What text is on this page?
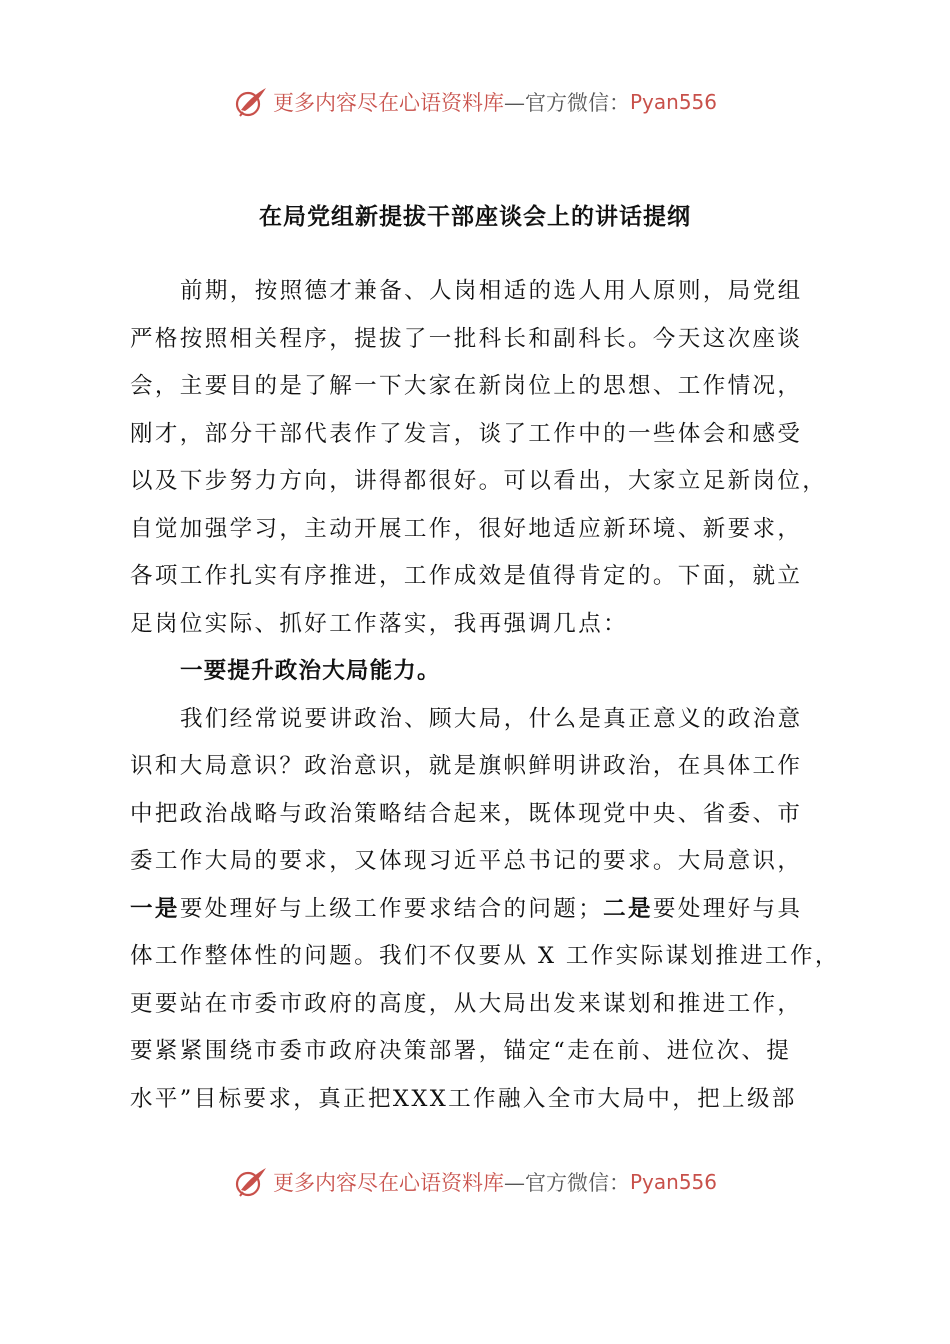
更多内容尽在心语资料库 —官方微信： Pyan556
在局党组新提拔干部座谈会上的讲话提纲
前期，按照德才兼备、人岗相适的选人用人原则，局党组
严格按照相关程序，提拔了一批科长和副科长。今天这次座谈
会，主要目的是了解一下大家在新岗位上的思想、工作情况，
刚才，部分干部代表作了发言，谈了工作中的一些体会和感受
以及下步努力方向，讲得都很好。可以看出，大家立足新岗位，
自觉加强学习，主动开展工作，很好地适应新环境、新要求，
各项工作扎实有序推进，工作成效是值得肯定的。下面，就立
足岗位实际、抓好工作落实，我再强调几点：
一要提升政治大局能力。
我们经常说要讲政治、顾大局，什么是真正意义的政治意
识和大局意识？政治意识，就是旗帜鲜明讲政治，在具体工作
中把政治战略与政治策略结合起来，既体现党中央、省委、市
委工作大局的要求，又体现习近平总书记的要求。大局意识，
一是要处理好与上级工作要求结合的问题；二是要处理好与具
体工作整体性的问题。我们不仅要从 X 工作实际谋划推进工作，
更要站在市委市政府的高度，从大局出发来谋划和推进工作，
要紧紧围绕市委市政府决策部署，锚定“走在前、进位次、提
水平”目标要求，真正把XXX工作融入全市大局中，把上级部
更多内容尽在心语资料库 —官方微信： Pyan556
